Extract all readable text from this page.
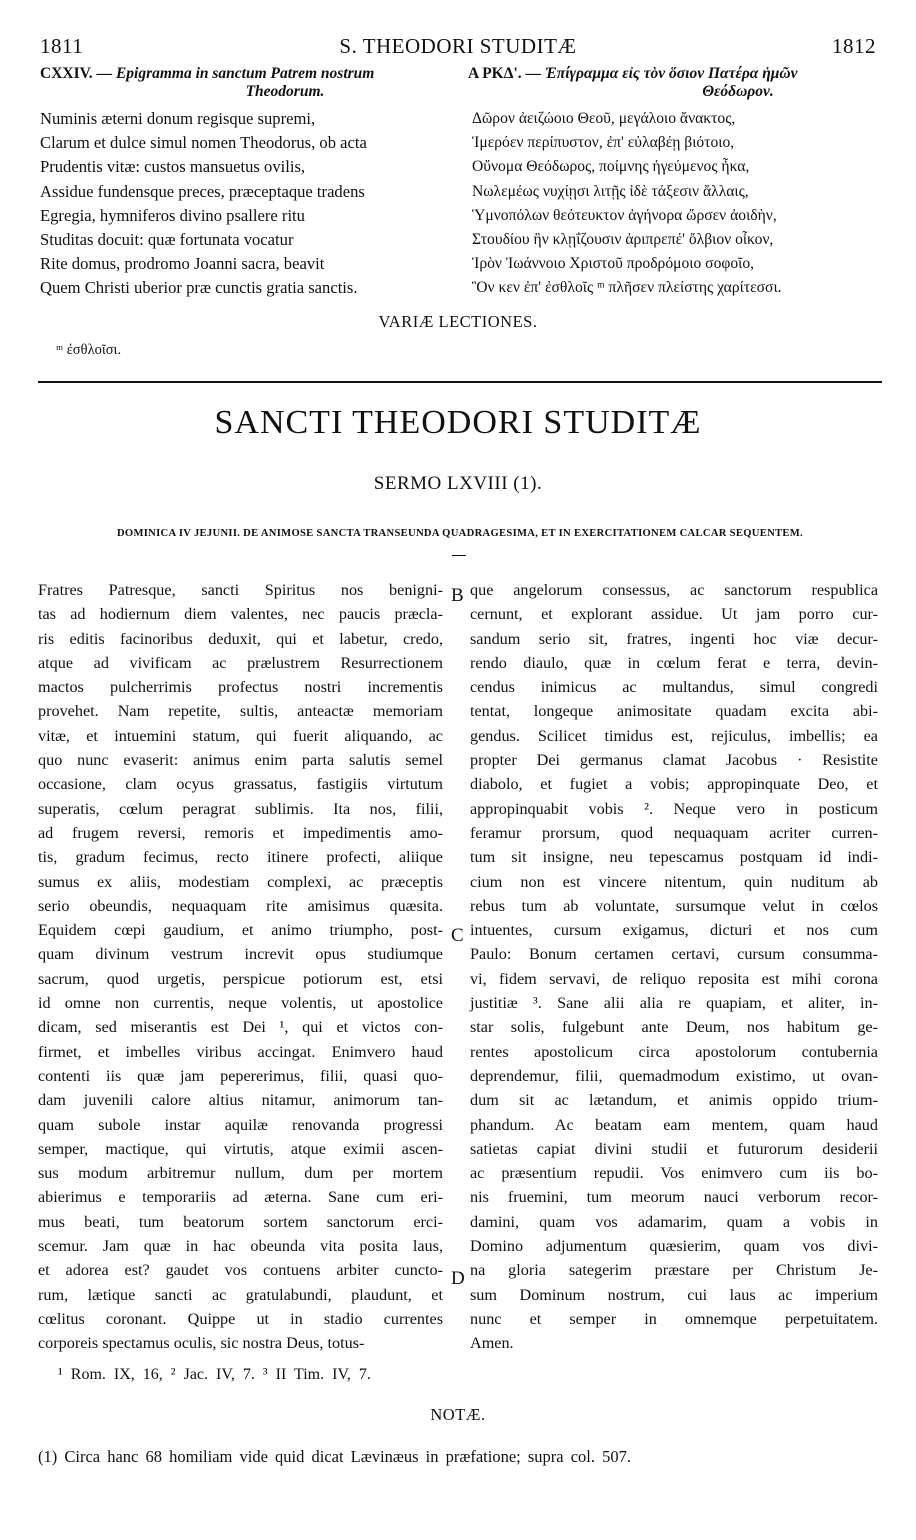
1811	S. THEODORI STUDITÆ	1812
CXXIV. — Epigramma in sanctum Patrem nostrum
Theodorum.
Numinis æterni donum regisque supremi,
Clarum et dulce simul nomen Theodorus, ob acta
Prudentis vitæ: custos mansuetus ovilis,
Assidue fundensque preces, præceptaque tradens
Egregia, hymniferos divino psallere ritu
Studitas docuit: quæ fortunata vocatur
Rite domus, prodromo Joanni sacra, beavit
Quem Christi uberior præ cunctis gratia sanctis.
A ΡΚΔ'. — Ἐπίγραμμα εἰς τὸν ὅσιον Πατέρα ἡμῶν
Θεόδωρον.
Δῶρον ἀειζώοιο Θεοῦ, μεγάλοιο ἄνακτος,
Ἱμερόεν περίπυστον, ἐπ' εὐλαβέῃ βιότοιο,
Οὔνομα Θεόδωρος, ποίμνης ἡγεύμενος ἦκα,
Νωλεμέως νυχίῃσι λιτῇς ἰδὲ τάξεσιν ἄλλαις,
Ὑμνοπόλων θεότευκτον ἀγήνορα ὤρσεν ἀοιδὴν,
Στουδίου ἣν κλῃΐζουσιν ἀριπρεπέ' ὄλβιον οἶκον,
Ἱρὸν Ἰωάννοιο Χριστοῦ προδρόμοιο σοφοῖο,
Ὃν κεν ἐπ' ἐσθλοῖς ᵐ πλῆσεν πλείστης χαρίτεσσι.
VARIÆ LECTIONES.
ᵐ ἐσθλοῖσι.
SANCTI THEODORI STUDITÆ
SERMO LXVIII (1).
DOMINICA IV JEJUNII. DE ANIMOSE SANCTA TRANSEUNDA QUADRAGESIMA, ET IN EXERCITATIONEM CALCAR SEQUENTEM.
Fratres Patresque, sancti Spiritus nos benigni-
tas ad hodiernum diem valentes, nec paucis præcla-
ris editis facinoribus deduxit, qui et labetur, credo,
atque ad vivificam ac prælustrem Resurrectionem
mactos pulcherrimis profectus nostri incrementis
provehet. Nam repetite, sultis, anteactæ memoriam
vitæ, et intuemini statum, qui fuerit aliquando, ac
quo nunc evaserit: animus enim parta salutis semel
occasione, clam ocyus grassatus, fastigiis virtutum
superatis, cœlum peragrat sublimis. Ita nos, filii,
ad frugem reversi, remoris et impedimentis amo-
tis, gradum fecimus, recto itinere profecti, aliique
sumus ex aliis, modestiam complexi, ac præceptis
serio obeundis, nequaquam rite amisimus quæsita.
Equidem cœpi gaudium, et animo triumpho, post-
quam divinum vestrum increvit opus studiumque
sacrum, quod urgetis, perspicue potiorum est, etsi
id omne non currentis, neque volentis, ut apostolice
dicam, sed miserantis est Dei ¹, qui et victos con-
firmet, et imbelles viribus accingat. Enimvero haud
contenti iis quæ jam pepererimus, filii, quasi quo-
dam juvenili calore altius nitamur, animorum tan-
quam subole instar aquilæ renovanda progressi
semper, mactique, qui virtutis, atque eximii ascen-
sus modum arbitremur nullum, dum per mortem
abierimus e temporariis ad æterna. Sane cum eri-
mus beati, tum beatorum sortem sanctorum erci-
scemur. Jam quæ in hac obeunda vita posita laus,
et adorea est? gaudet vos contuens arbiter cuncto-
rum, lætique sancti ac gratulabundi, plaudunt, et
cœlitus coronant. Quippe ut in stadio currentes
corporeis spectamus oculis, sic nostra Deus, totus-
que angelorum consessus, ac sanctorum respublica
cernunt, et explorant assidue. Ut jam porro cur-
sandum serio sit, fratres, ingenti hoc viæ decur-
rendo diaulo, quæ in cœlum ferat e terra, devin-
cendus inimicus ac multandus, simul congredi
tentat, longeque animositate quadam excita abi-
gendus. Scilicet timidus est, rejiculus, imbellis; ea
propter Dei germanus clamat Jacobus · Resistite
diabolo, et fugiet a vobis; appropinquate Deo, et
appropinquabit vobis ². Neque vero in posticum
feramur prorsum, quod nequaquam acriter curren-
tum sit insigne, neu tepescamus postquam id indi-
cium non est vincere nitentum, quin nuditum ab
rebus tum ab voluntate, sursumque velut in cœlos
intuentes, cursum exigamus, dicturi et nos cum
Paulo: Bonum certamen certavi, cursum consumma-
vi, fidem servavi, de reliquo reposita est mihi corona
justitiæ ³. Sane alii alia re quapiam, et aliter, in-
star solis, fulgebunt ante Deum, nos habitum ge-
rentes apostolicum circa apostolorum contubernia
deprendemur, filii, quemadmodum existimo, ut ovan-
dum sit ac lætandum, et animis oppido trium-
phandum. Ac beatam eam mentem, quam haud
satietas capiat divini studii et futurorum desiderii
ac præsentium repudii. Vos enimvero cum iis bo-
nis fruemini, tum meorum nauci verborum recor-
damini, quam vos adamarim, quam a vobis in
Domino adjumentum quæsierim, quam vos divi-
na gloria sategerim præstare per Christum Je-
sum Dominum nostrum, cui laus ac imperium
nunc et semper in omnemque perpetuitatem.
Amen.
B
C
D
¹ Rom. IX, 16, ² Jac. IV, 7. ³ II Tim. IV, 7.
NOTÆ.
(1) Circa hanc 68 homiliam vide quid dicat Lævinæus in præfatione; supra col. 507.
